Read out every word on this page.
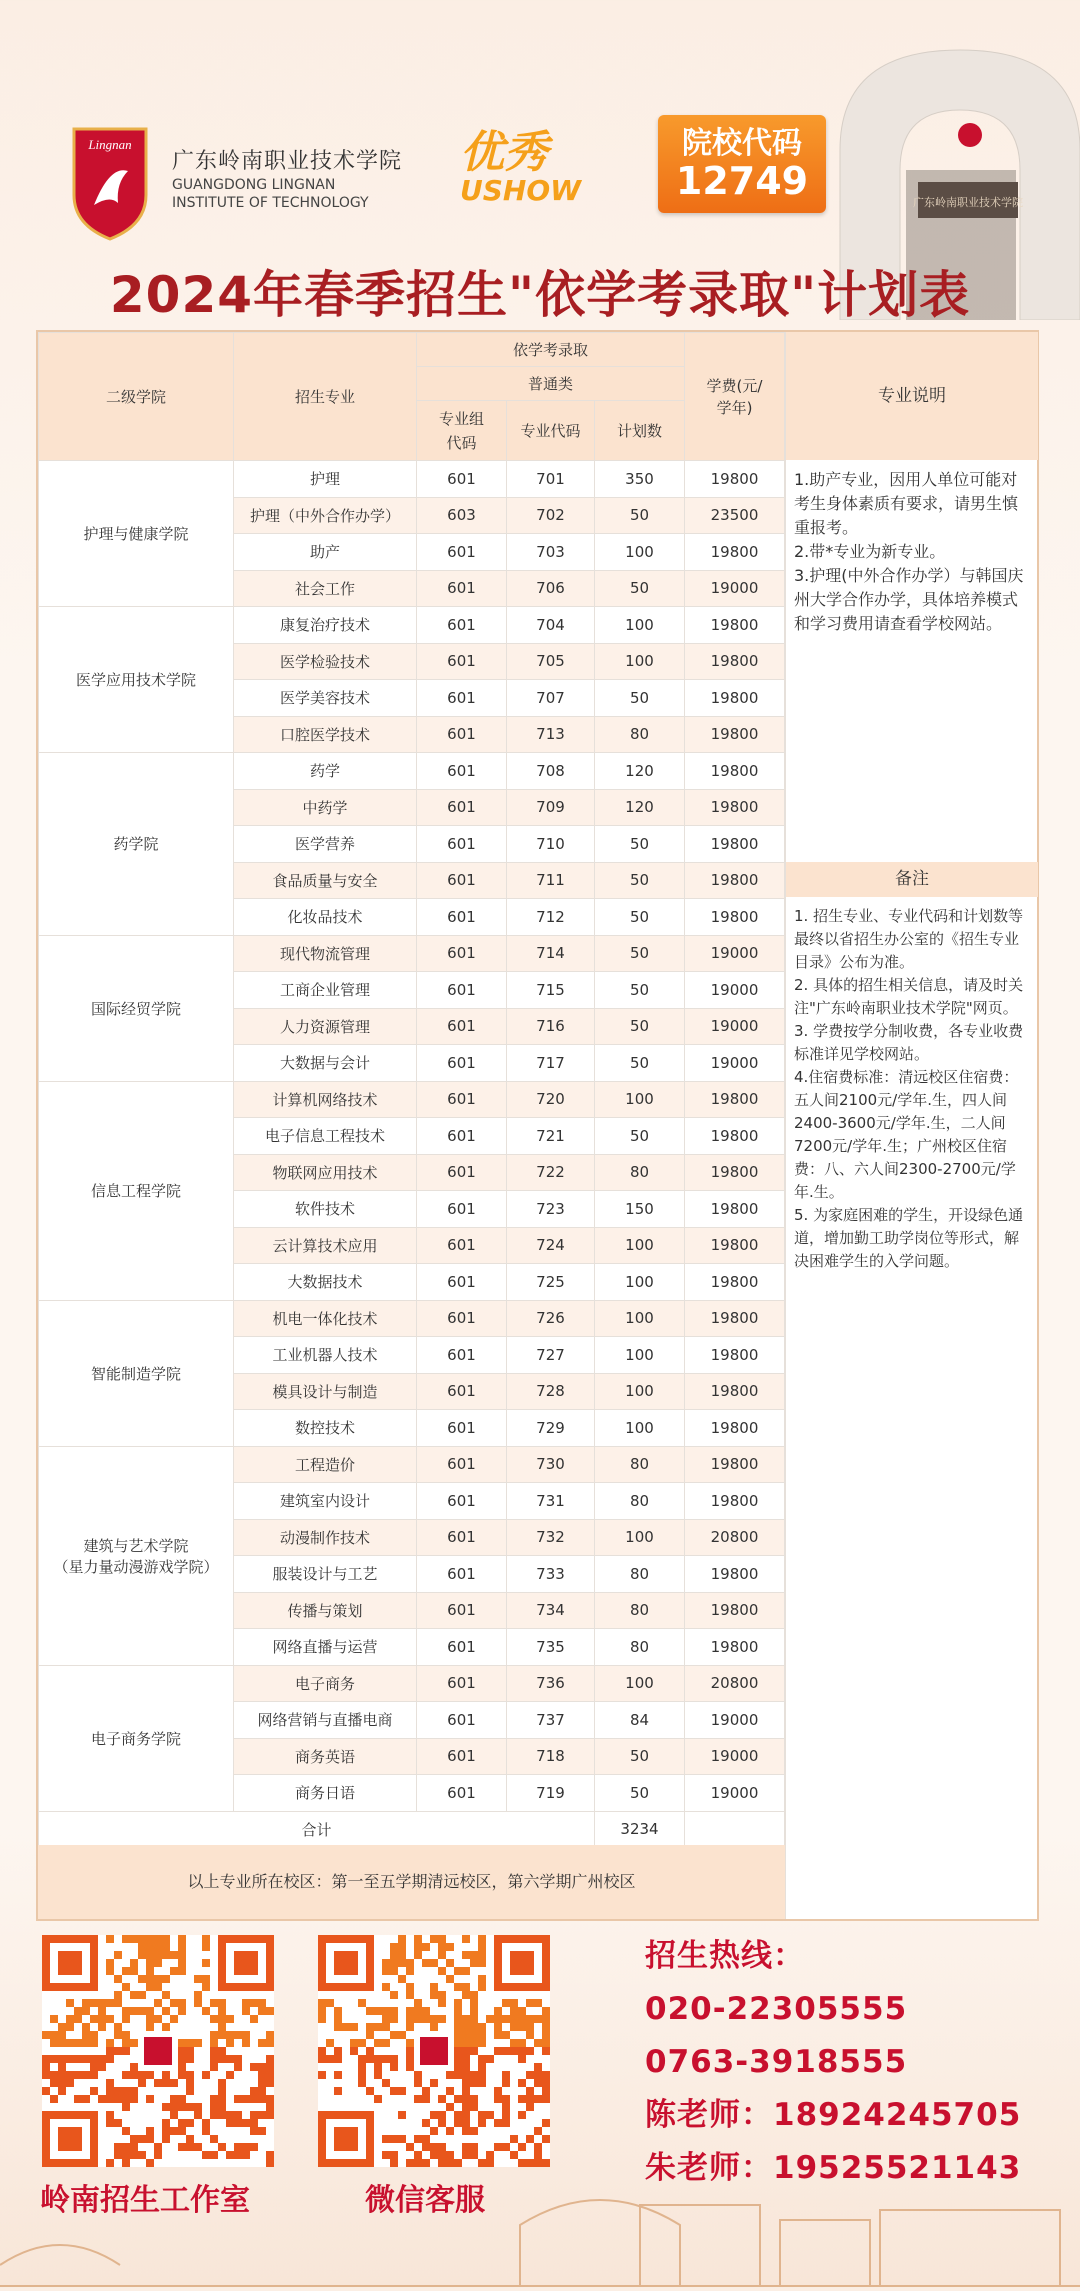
Lingnan
广东岭南职业技术学院
GUANGDONG LINGNAN
INSTITUTE OF TECHNOLOGY
优秀
USHOW
院校代码
12749	广东岭南职业技术学院
2024年春季招生"依学考录取"计划表
二级学院	招生专业	依学考录取			学费(元/学年)

		普通类			

		专业组代码	专业代码	计划数	

护理与健康学院	护理	601	701	350	19800
	护理（中外合作办学）	603	702	50	23500
	助产	601	703	100	19800
	社会工作	601	706	50	19000

医学应用技术学院	康复治疗技术	601	704	100	19800
	医学检验技术	601	705	100	19800
	医学美容技术	601	707	50	19800
	口腔医学技术	601	713	80	19800

药学院	药学	601	708	120	19800
	中药学	601	709	120	19800
	医学营养	601	710	50	19800
	食品质量与安全	601	711	50	19800
	化妆品技术	601	712	50	19800

国际经贸学院	现代物流管理	601	714	50	19000
	工商企业管理	601	715	50	19000
	人力资源管理	601	716	50	19000
	大数据与会计	601	717	50	19000

信息工程学院	计算机网络技术	601	720	100	19800
	电子信息工程技术	601	721	50	19800
	物联网应用技术	601	722	80	19800
	软件技术	601	723	150	19800
	云计算技术应用	601	724	100	19800
	大数据技术	601	725	100	19800

智能制造学院	机电一体化技术	601	726	100	19800
	工业机器人技术	601	727	100	19800
	模具设计与制造	601	728	100	19800
	数控技术	601	729	100	19800

建筑与艺术学院
（星力量动漫游戏学院）	工程造价	601	730	80	19800
	建筑室内设计	601	731	80	19800
	动漫制作技术	601	732	100	20800
	服装设计与工艺	601	733	80	19800
	传播与策划	601	734	80	19800
	网络直播与运营	601	735	80	19800

电子商务学院	电子商务	601	736	100	20800
	网络营销与直播电商	601	737	84	19000
	商务英语	601	718	50	19000
	商务日语	601	719	50	19000
合计				3234	
以上专业所在校区：第一至五学期清远校区，第六学期广州校区
专业说明
1.助产专业，因用人单位可能对考生身体素质有要求，请男生慎重报考。
2.带*专业为新专业。
3.护理(中外合作办学）与韩国庆州大学合作办学，具体培养模式和学习费用请查看学校网站。
备注
1. 招生专业、专业代码和计划数等最终以省招生办公室的《招生专业目录》公布为准。
2. 具体的招生相关信息，请及时关注"广东岭南职业技术学院"网页。
3. 学费按学分制收费，各专业收费标准详见学校网站。
4.住宿费标准：清远校区住宿费：五人间2100元/学年.生，四人间2400-3600元/学年.生，二人间7200元/学年.生；广州校区住宿费：八、六人间2300-2700元/学年.生。
5. 为家庭困难的学生，开设绿色通道，增加勤工助学岗位等形式，解决困难学生的入学问题。
岭南招生工作室	微信客服
招生热线：
020-22305555
0763-3918555
陈老师：18924245705
朱老师：19525521143
